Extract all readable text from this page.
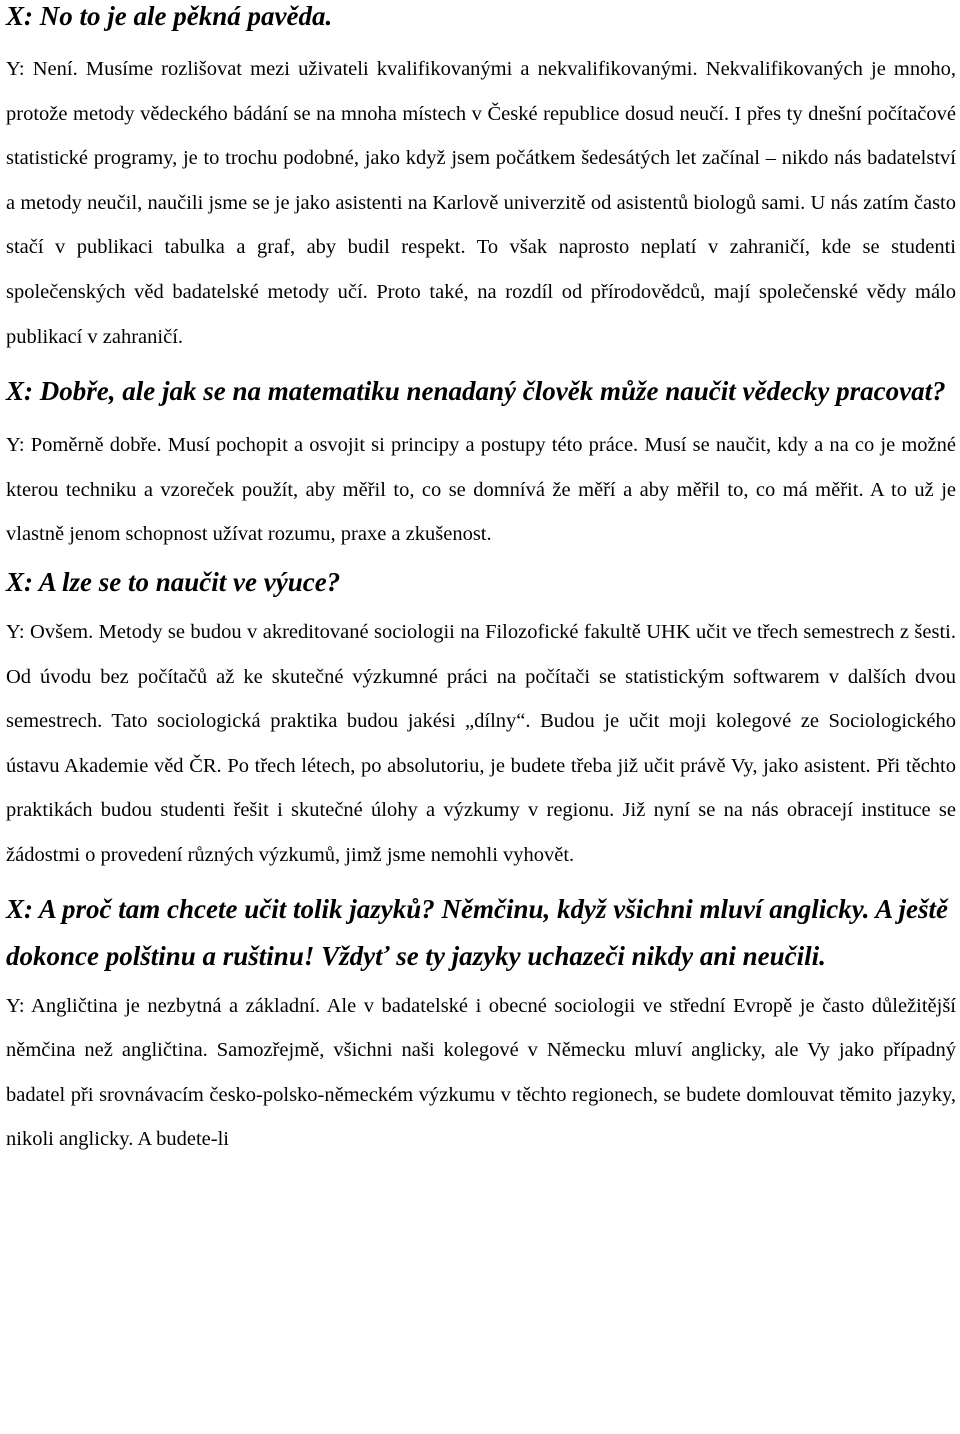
X: No to je ale pěkná pavěda.

Y: Není. Musíme rozlišovat mezi uživateli kvalifikovanými a nekvalifikovanými. Nekvalifikovaných je mnoho, protože metody vědeckého bádání se na mnoha místech v České republice dosud neučí. I přes ty dnešní počítačové statistické programy, je to trochu podobné, jako když jsem počátkem šedesátých let začínal – nikdo nás badatelství a metody neučil, naučili jsme se je jako asistenti na Karlově univerzitě od asistentů biologů sami. U nás zatím často stačí v publikaci tabulka a graf, aby budil respekt. To však naprosto neplatí v zahraničí, kde se studenti společenských věd badatelské metody učí. Proto také, na rozdíl od přírodovědců, mají společenské vědy málo publikací v zahraničí.

X: Dobře, ale jak se na matematiku nenadaný člověk může naučit vědecky pracovat?

Y: Poměrně dobře. Musí pochopit a osvojit si principy a postupy této práce. Musí se naučit, kdy a na co je možné kterou techniku a vzoreček použít, aby měřil to, co se domnívá že měří a aby měřil to, co má měřit. A to už je vlastně jenom schopnost užívat rozumu, praxe a zkušenost.

X: A lze se to naučit ve výuce?

Y: Ovšem. Metody se budou v akreditované sociologii na Filozofické fakultě UHK učit ve třech semestrech z šesti. Od úvodu bez počítačů až ke skutečné výzkumné práci na počítači se statistickým softwarem v dalších dvou semestrech. Tato sociologická praktika budou jakési „dílny“. Budou je učit moji kolegové ze Sociologického ústavu Akademie věd ČR. Po třech létech, po absolutoriu, je budete třeba již učit právě Vy, jako asistent. Při těchto praktikách budou studenti řešit i skutečné úlohy a výzkumy v regionu. Již nyní se na nás obracejí instituce se žádostmi o provedení různých výzkumů, jimž jsme nemohli vyhovět.

X: A proč tam chcete učit tolik jazyků? Němčinu, když všichni mluví anglicky. A ještě dokonce polštinu a ruštinu! Vždyť se ty jazyky uchazeči nikdy ani neučili.

Y: Angličtina je nezbytná a základní. Ale v badatelské i obecné sociologii ve střední Evropě je často důležitější němčina než angličtina. Samozřejmě, všichni naši kolegové v Německu mluví anglicky, ale Vy jako případný badatel při srovnávacím česko-polsko-německém výzkumu v těchto regionech, se budete domlouvat těmito jazyky, nikoli anglicky. A budete-li
